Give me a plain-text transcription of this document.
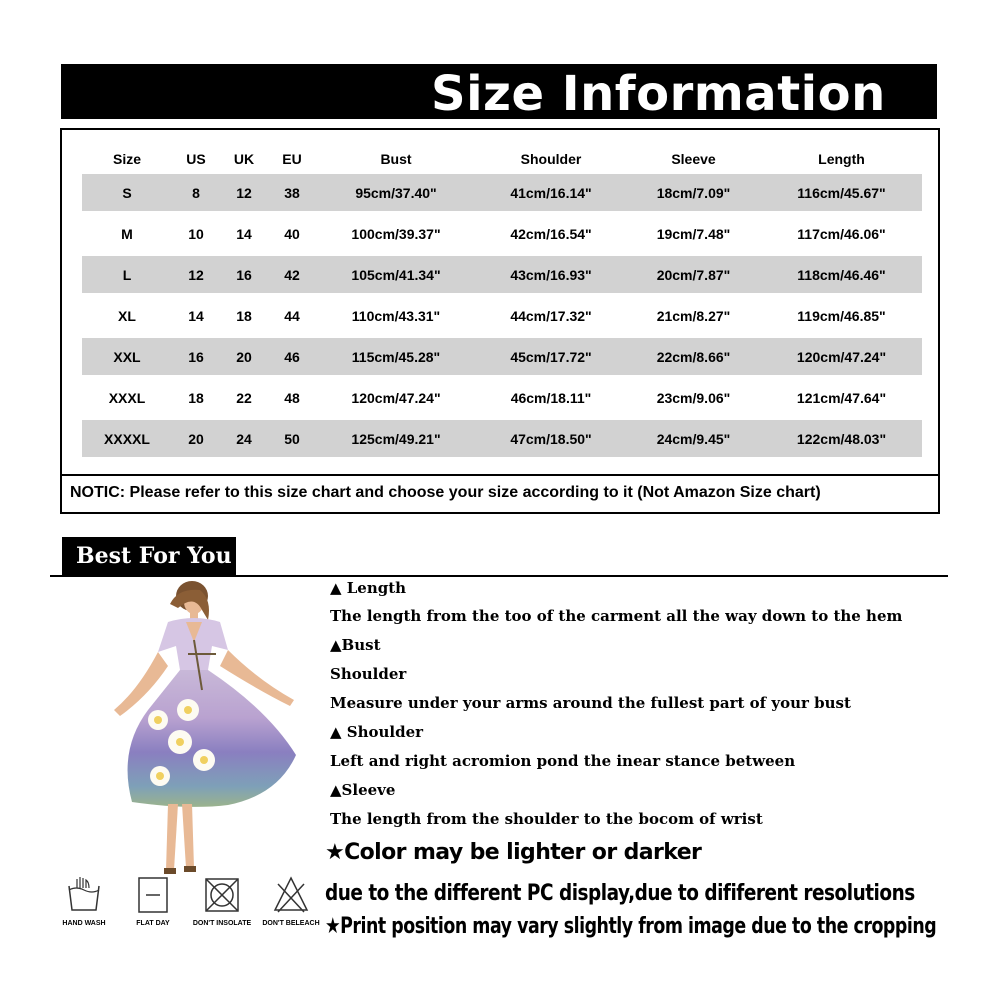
Size Information
Size	US	UK	EU	Bust	Shoulder	Sleeve	Length
S	8	12	38	95cm/37.40"	41cm/16.14"	18cm/7.09"	116cm/45.67"
M	10	14	40	100cm/39.37"	42cm/16.54"	19cm/7.48"	117cm/46.06"
L	12	16	42	105cm/41.34"	43cm/16.93"	20cm/7.87"	118cm/46.46"
XL	14	18	44	110cm/43.31"	44cm/17.32"	21cm/8.27"	119cm/46.85"
XXL	16	20	46	115cm/45.28"	45cm/17.72"	22cm/8.66"	120cm/47.24"
XXXL	18	22	48	120cm/47.24"	46cm/18.11"	23cm/9.06"	121cm/47.64"
XXXXL	20	24	50	125cm/49.21"	47cm/18.50"	24cm/9.45"	122cm/48.03"
NOTIC: Please refer to this size chart and choose your size according to it (Not Amazon Size chart)
Best For You
HAND WASH	FLAT DAY	DON'T INSOLATE DON'T BELEACH
▲ Length
The length from the too of the carment all the way down to the hem
▲Bust
Shoulder
Measure under your arms around the fullest part of your bust
▲ Shoulder
Left and right acromion pond the inear stance between
▲Sleeve
The length from the shoulder to the bocom of wrist
★Color may be lighter or darker
due to the different PC display,due to dififerent resolutions
★Print position may vary slightly from image due to the cropping
